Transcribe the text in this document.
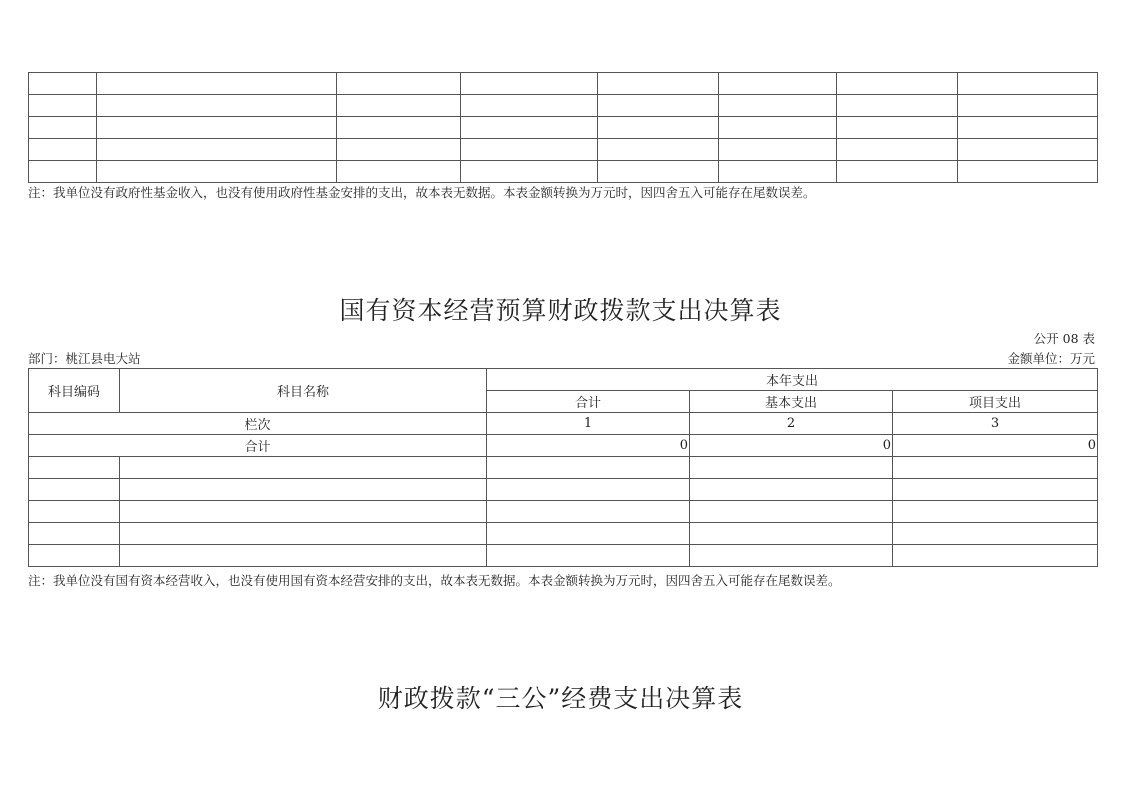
注：我单位没有政府性基金收入，也没有使用政府性基金安排的支出，故本表无数据。本表金额转换为万元时，因四舍五入可能存在尾数误差。
国有资本经营预算财政拨款支出决算表
公开 08 表
部门：桃江县电大站	金额单位：万元
科目编码	科目名称	本年支出		
		合计	基本支出	项目支出
栏次		1	2	3
合计		0	0	0

注：我单位没有国有资本经营收入，也没有使用国有资本经营安排的支出，故本表无数据。本表金额转换为万元时，因四舍五入可能存在尾数误差。
财政拨款“三公”经费支出决算表
